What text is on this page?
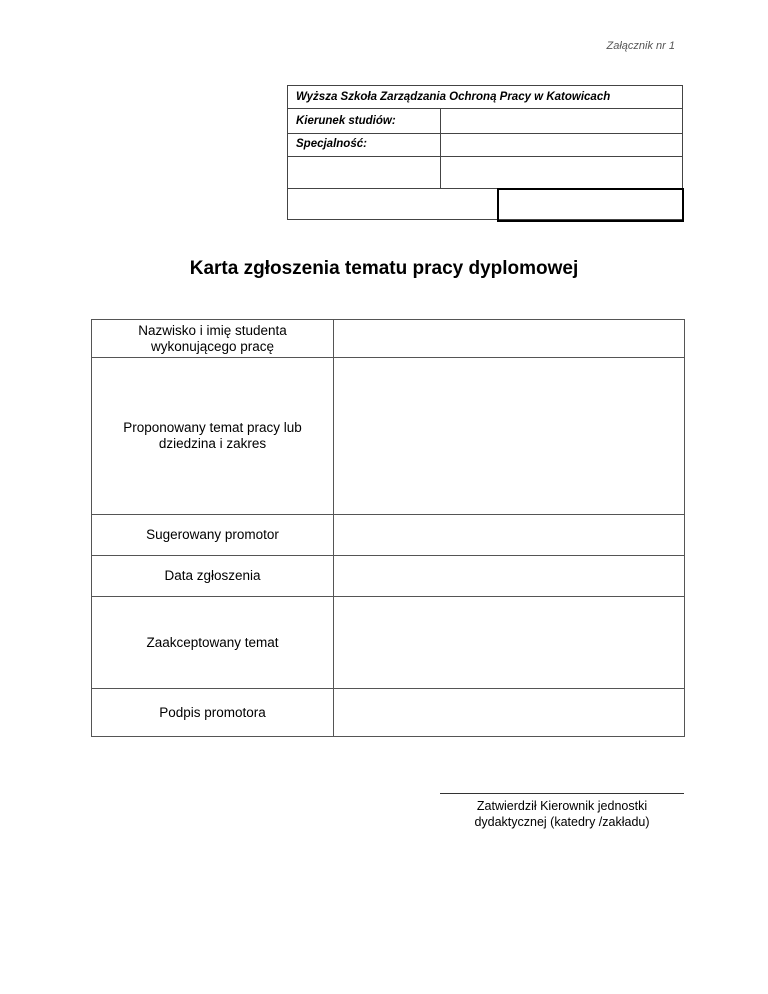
Załącznik nr 1
Wyższa Szkoła Zarządzania Ochroną Pracy w Katowicach
Kierunek studiów:
Specjalność:
Karta zgłoszenia tematu pracy dyplomowej
Nazwisko i imię studenta wykonującego pracę
Proponowany temat pracy lub dziedzina i zakres
Sugerowany promotor
Data zgłoszenia
Zaakceptowany temat
Podpis promotora
Zatwierdził Kierownik jednostki dydaktycznej (katedry /zakładu)
